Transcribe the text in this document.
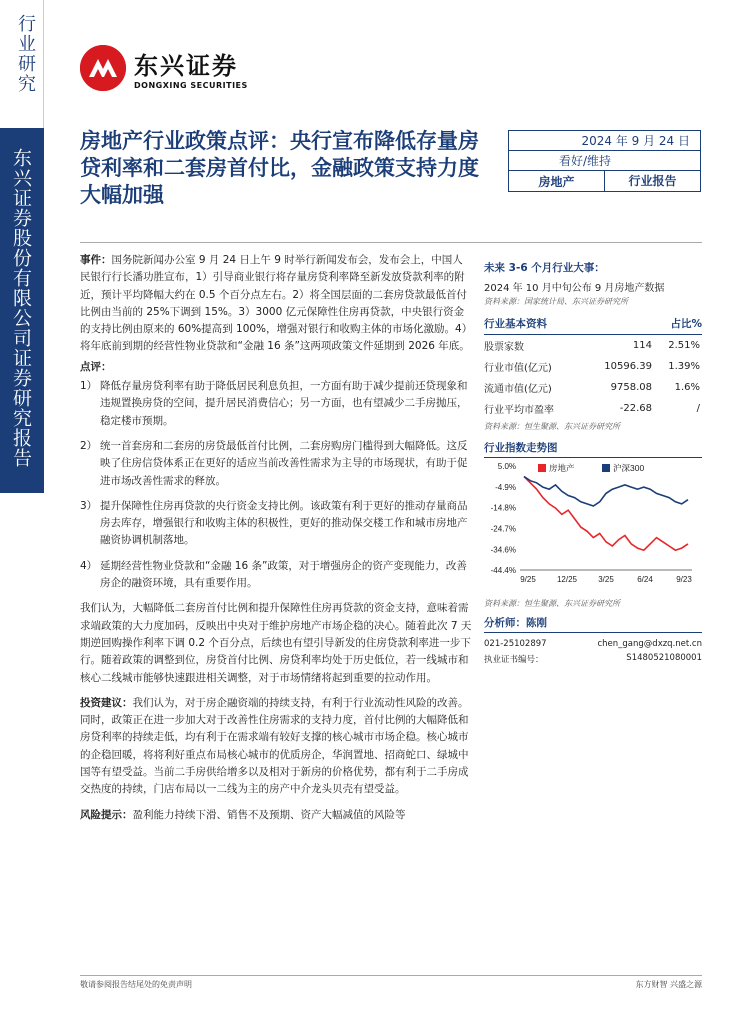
行业研究
东兴证券股份有限公司证券研究报告
东兴证券
DONGXING SECURITIES
房地产行业政策点评：央行宣布降低存量房贷利率和二套房首付比，金融政策支持力度大幅加强
2024 年 9 月 24 日
看好/维持
房地产	行业报告

事件：国务院新闻办公室 9 月 24 日上午 9 时举行新闻发布会，发布会上，中国人民银行行长潘功胜宣布，1）引导商业银行将存量房贷利率降至新发放贷款利率的附近，预计平均降幅大约在 0.5 个百分点左右。2）将全国层面的二套房贷款最低首付比例由当前的 25%下调到 15%。3）3000 亿元保障性住房再贷款，中央银行资金的支持比例由原来的 60%提高到 100%，增强对银行和收购主体的市场化激励。4）将年底前到期的经营性物业贷款和“金融 16 条”这两项政策文件延期到 2026 年底。

点评：

1） 降低存量房贷利率有助于降低居民利息负担，一方面有助于减少提前还贷现象和违规置换房贷的空间，提升居民消费信心；另一方面，也有望减少二手房抛压，稳定楼市预期。
2） 统一首套房和二套房的房贷最低首付比例，二套房购房门槛得到大幅降低。这反映了住房信贷体系正在更好的适应当前改善性需求为主导的市场现状，有助于促进市场改善性需求的释放。
3） 提升保障性住房再贷款的央行资金支持比例。该政策有利于更好的推动存量商品房去库存，增强银行和收购主体的积极性，更好的推动保交楼工作和城市房地产融资协调机制落地。
4） 延期经营性物业贷款和“金融 16 条”政策，对于增强房企的资产变现能力，改善房企的融资环境，具有重要作用。

我们认为，大幅降低二套房首付比例和提升保障性住房再贷款的资金支持，意味着需求端政策的大力度加码，反映出中央对于维护房地产市场企稳的决心。随着此次 7 天期逆回购操作利率下调 0.2 个百分点，后续也有望引导新发的住房贷款利率进一步下行。随着政策的调整到位，房贷首付比例、房贷利率均处于历史低位，若一线城市和核心二线城市能够快速跟进相关调整，对于市场情绪将起到重要的拉动作用。

投资建议：我们认为，对于房企融资端的持续支持，有利于行业流动性风险的改善。同时，政策正在进一步加大对于改善性住房需求的支持力度，首付比例的大幅降低和房贷利率的持续走低，均有利于在需求端有较好支撑的核心城市市场企稳。核心城市的企稳回暖，将将利好重点布局核心城市的优质房企，华润置地、招商蛇口、绿城中国等有望受益。当前二手房供给增多以及相对于新房的价格优势，都有利于二手房成交热度的持续，门店布局以一二线为主的房产中介龙头贝壳有望受益。

风险提示：盈利能力持续下滑、销售不及预期、资产大幅减值的风险等

未来 3-6 个月行业大事：
2024 年 10 月中旬公布 9 月房地产数据
资料来源：国家统计局、东兴证券研究所
行业基本资料	占比%
股票家数	114	2.51%
行业市值(亿元)	10596.39	1.39%
流通市值(亿元)	9758.08	1.6%
行业平均市盈率	-22.68	/
资料来源：恒生聚源、东兴证券研究所
行业指数走势图
5.0%
-4.9%
-14.8%
-24.7%
-34.6%
-44.4%
9/25	12/25	3/25	6/24	9/23
房地产	沪深300
资料来源：恒生聚源、东兴证券研究所
分析师：陈刚
021-25102897	chen_gang@dxzq.net.cn
执业证书编号：	S1480521080001
敬请参阅报告结尾处的免责声明	东方财智 兴盛之源
